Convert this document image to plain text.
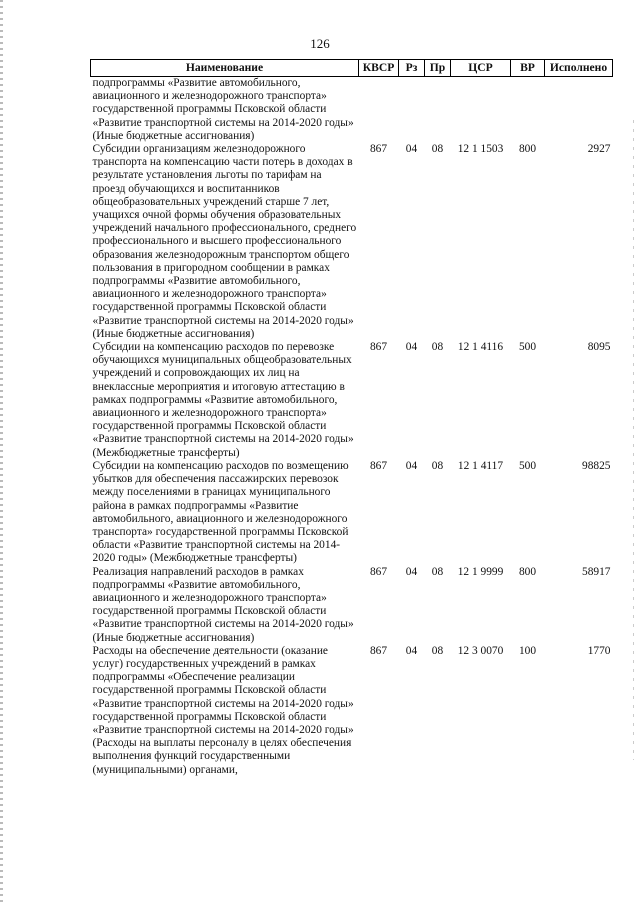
126
Наименование	КВСР	Рз	Пр	ЦСР	ВР	Исполнено
подпрограммы «Развитие автомобильного, авиационного и железнодорожного транспорта» государственной программы Псковской области «Развитие транспортной системы на 2014-2020 годы» (Иные бюджетные ассигнования)						
Субсидии организациям железнодорожного транспорта на компенсацию части потерь в доходах в результате установления льготы по тарифам на проезд обучающихся и воспитанников общеобразовательных учреждений старше 7 лет, учащихся очной формы обучения образовательных учреждений начального профессионального, среднего профессионального и высшего профессионального образования железнодорожным транспортом общего пользования в пригородном сообщении в рамках подпрограммы «Развитие автомобильного, авиационного и железнодорожного транспорта» государственной программы Псковской области «Развитие транспортной системы на 2014-2020 годы» (Иные бюджетные ассигнования)	867	04	08	12 1 1503	800	2927
Субсидии на компенсацию расходов по перевозке обучающихся муниципальных общеобразовательных учреждений и сопровождающих их лиц на внеклассные мероприятия и итоговую аттестацию в рамках подпрограммы «Развитие автомобильного, авиационного и железнодорожного транспорта» государственной программы Псковской области «Развитие транспортной системы на 2014-2020 годы» (Межбюджетные трансферты)	867	04	08	12 1 4116	500	8095
Субсидии на компенсацию расходов по возмещению убытков для обеспечения пассажирских перевозок между поселениями в границах муниципального района в рамках подпрограммы «Развитие автомобильного, авиационного и железнодорожного транспорта» государственной программы Псковской области «Развитие транспортной системы на 2014-2020 годы» (Межбюджетные трансферты)	867	04	08	12 1 4117	500	98825
Реализация направлений расходов в рамках подпрограммы «Развитие автомобильного, авиационного и железнодорожного транспорта» государственной программы Псковской области «Развитие транспортной системы на 2014-2020 годы» (Иные бюджетные ассигнования)	867	04	08	12 1 9999	800	58917
Расходы на обеспечение деятельности (оказание услуг) государственных учреждений в рамках подпрограммы «Обеспечение реализации государственной программы Псковской области «Развитие транспортной системы на 2014-2020 годы» государственной программы Псковской области «Развитие транспортной системы на 2014-2020 годы» (Расходы на выплаты персоналу в целях обеспечения выполнения функций государственными (муниципальными) органами,	867	04	08	12 3 0070	100	1770
